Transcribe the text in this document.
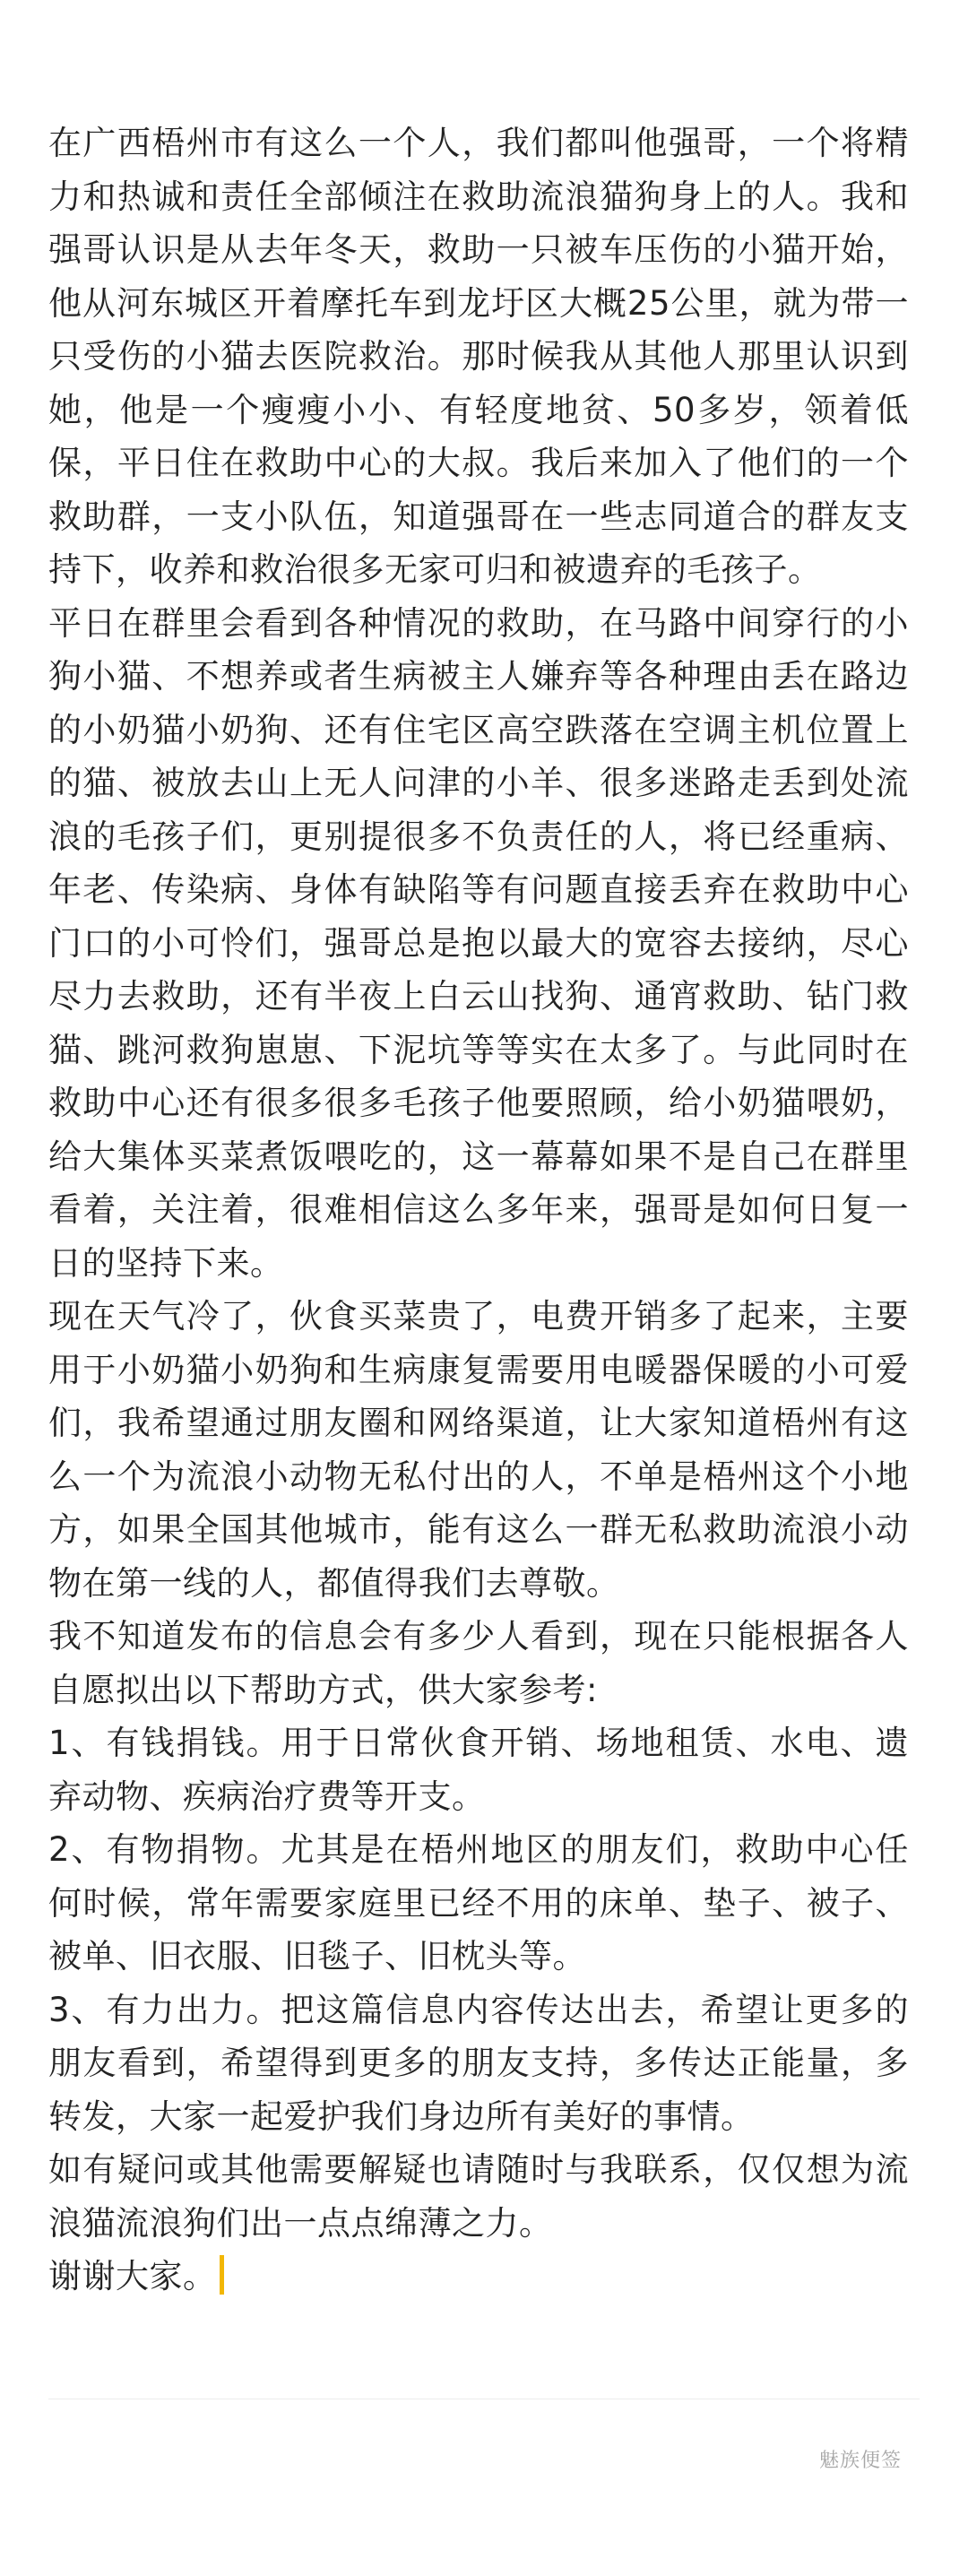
在广西梧州市有这么一个人，我们都叫他强哥，一个将精力和热诚和责任全部倾注在救助流浪猫狗身上的人。我和强哥认识是从去年冬天，救助一只被车压伤的小猫开始，他从河东城区开着摩托车到龙圩区大概25公里，就为带一只受伤的小猫去医院救治。那时候我从其他人那里认识到她，他是一个瘦瘦小小、有轻度地贫、50多岁，领着低保，平日住在救助中心的大叔。我后来加入了他们的一个救助群，一支小队伍，知道强哥在一些志同道合的群友支持下，收养和救治很多无家可归和被遗弃的毛孩子。

平日在群里会看到各种情况的救助，在马路中间穿行的小狗小猫、不想养或者生病被主人嫌弃等各种理由丢在路边的小奶猫小奶狗、还有住宅区高空跌落在空调主机位置上的猫、被放去山上无人问津的小羊、很多迷路走丢到处流浪的毛孩子们，更别提很多不负责任的人，将已经重病、年老、传染病、身体有缺陷等有问题直接丢弃在救助中心门口的小可怜们，强哥总是抱以最大的宽容去接纳，尽心尽力去救助，还有半夜上白云山找狗、通宵救助、钻门救猫、跳河救狗崽崽、下泥坑等等实在太多了。与此同时在救助中心还有很多很多毛孩子他要照顾，给小奶猫喂奶，给大集体买菜煮饭喂吃的，这一幕幕如果不是自己在群里看着，关注着，很难相信这么多年来，强哥是如何日复一日的坚持下来。

现在天气冷了，伙食买菜贵了，电费开销多了起来，主要用于小奶猫小奶狗和生病康复需要用电暖器保暖的小可爱们，我希望通过朋友圈和网络渠道，让大家知道梧州有这么一个为流浪小动物无私付出的人，不单是梧州这个小地方，如果全国其他城市，能有这么一群无私救助流浪小动物在第一线的人，都值得我们去尊敬。

我不知道发布的信息会有多少人看到，现在只能根据各人自愿拟出以下帮助方式，供大家参考:

1、有钱捐钱。用于日常伙食开销、场地租赁、水电、遗弃动物、疾病治疗费等开支。

2、有物捐物。尤其是在梧州地区的朋友们，救助中心任何时候，常年需要家庭里已经不用的床单、垫子、被子、被单、旧衣服、旧毯子、旧枕头等。

3、有力出力。把这篇信息内容传达出去，希望让更多的朋友看到，希望得到更多的朋友支持，多传达正能量，多转发，大家一起爱护我们身边所有美好的事情。

如有疑问或其他需要解疑也请随时与我联系，仅仅想为流浪猫流浪狗们出一点点绵薄之力。

谢谢大家。

魅族便签
